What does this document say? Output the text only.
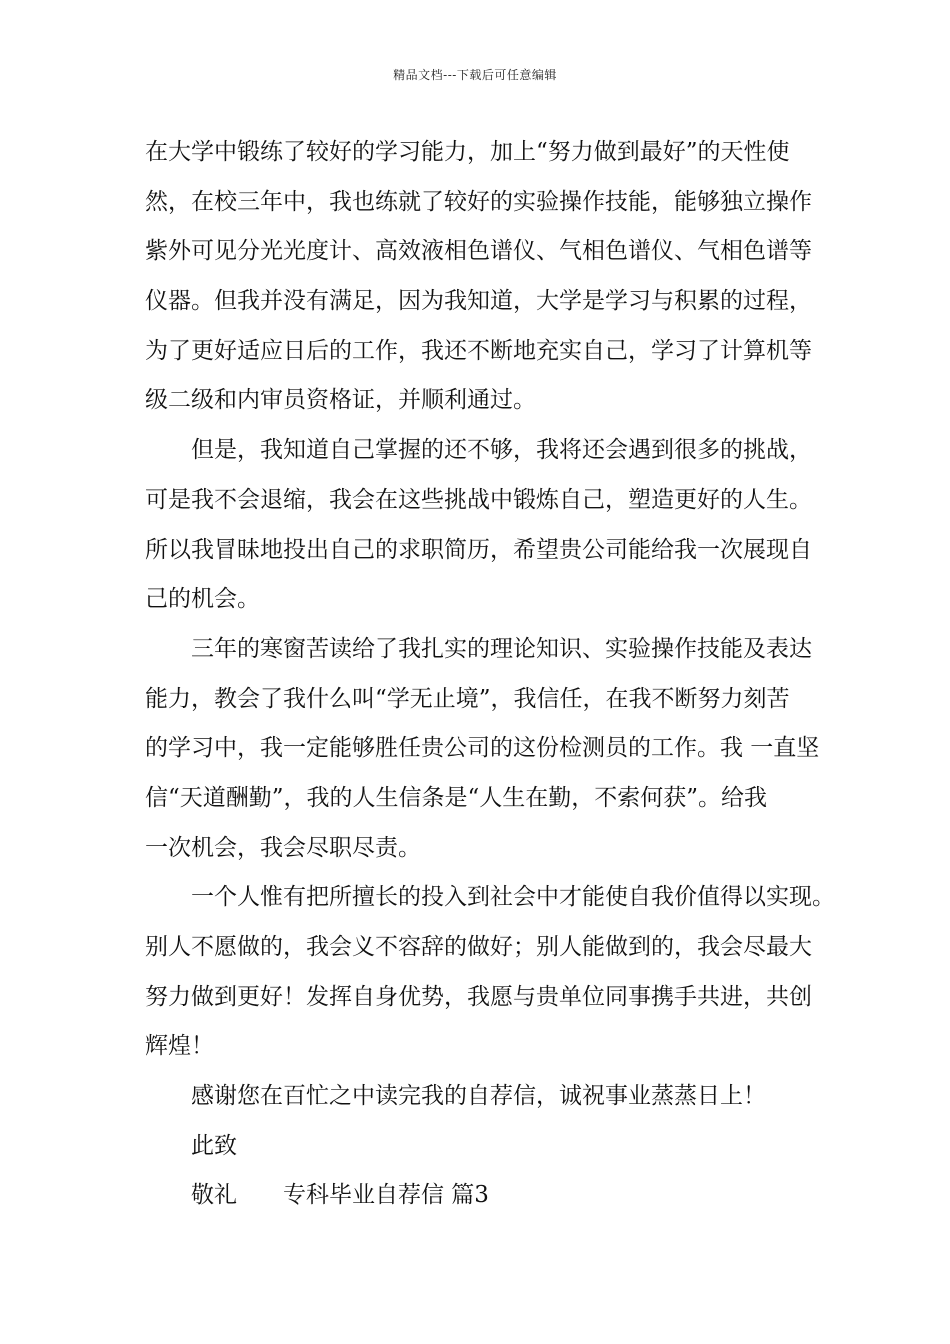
精品文档---下载后可任意编辑
在大学中锻练了较好的学习能力，加上“努力做到最好”的天性使
然，在校三年中，我也练就了较好的实验操作技能，能够独立操作
紫外可见分光光度计、高效液相色谱仪、气相色谱仪、气相色谱等
仪器。但我并没有满足，因为我知道，大学是学习与积累的过程，
为了更好适应日后的工作，我还不断地充实自己，学习了计算机等
级二级和内审员资格证，并顺利通过。
但是，我知道自己掌握的还不够，我将还会遇到很多的挑战，
可是我不会退缩，我会在这些挑战中锻炼自己，塑造更好的人生。
所以我冒昧地投出自己的求职简历，希望贵公司能给我一次展现自
己的机会。
三年的寒窗苦读给了我扎实的理论知识、实验操作技能及表达
能力，教会了我什么叫“学无止境”，我信任，在我不断努力刻苦
的学习中，我一定能够胜任贵公司的这份检测员的工作。我 一直坚
信“天道酬勤”，我的人生信条是“人生在勤，不索何获”。给我
一次机会，我会尽职尽责。
一个人惟有把所擅长的投入到社会中才能使自我价值得以实现。
别人不愿做的，我会义不容辞的做好；别人能做到的，我会尽最大
努力做到更好！发挥自身优势，我愿与贵单位同事携手共进，共创
辉煌！
感谢您在百忙之中读完我的自荐信，诚祝事业蒸蒸日上！
此致
敬礼 专科毕业自荐信 篇3
